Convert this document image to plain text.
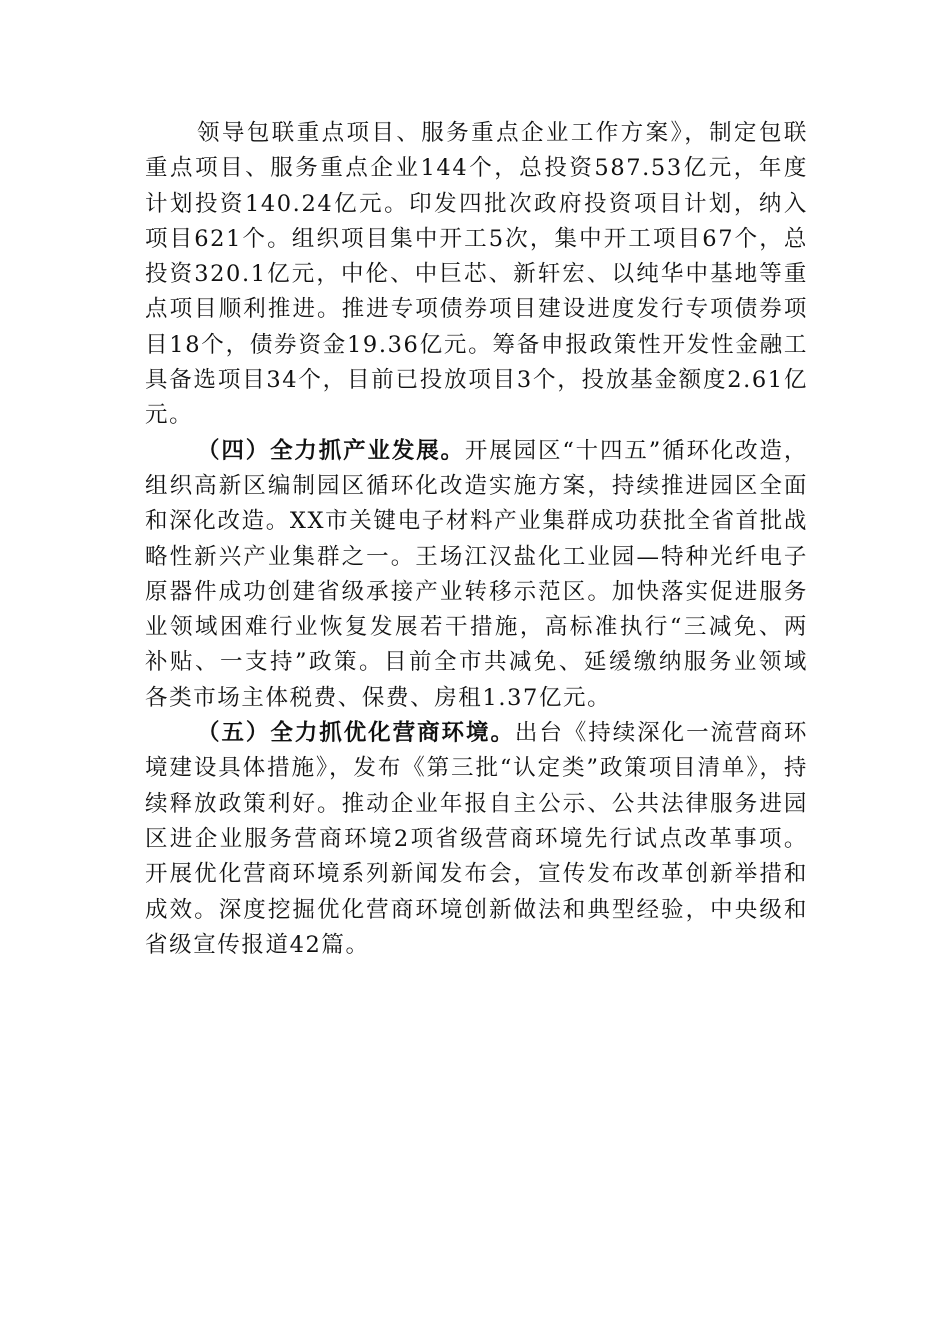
领导包联重点项目、服务重点企业工作方案》，制定包联重点项目、服务重点企业144个，总投资587.53亿元，年度计划投资140.24亿元。印发四批次政府投资项目计划，纳入项目621个。组织项目集中开工5次，集中开工项目67个，总投资320.1亿元，中伦、中巨芯、新轩宏、以纯华中基地等重点项目顺利推进。推进专项债券项目建设进度发行专项债券项目18个，债券资金19.36亿元。筹备申报政策性开发性金融工具备选项目34个，目前已投放项目3个，投放基金额度2.61亿元。

（四）全力抓产业发展。开展园区“十四五”循环化改造，组织高新区编制园区循环化改造实施方案，持续推进园区全面和深化改造。XX市关键电子材料产业集群成功获批全省首批战略性新兴产业集群之一。王场江汉盐化工业园—特种光纤电子原器件成功创建省级承接产业转移示范区。加快落实促进服务业领域困难行业恢复发展若干措施，高标准执行“三减免、两补贴、一支持”政策。目前全市共减免、延缓缴纳服务业领域各类市场主体税费、保费、房租1.37亿元。

（五）全力抓优化营商环境。出台《持续深化一流营商环境建设具体措施》，发布《第三批“认定类”政策项目清单》，持续释放政策利好。推动企业年报自主公示、公共法律服务进园区进企业服务营商环境2项省级营商环境先行试点改革事项。开展优化营商环境系列新闻发布会，宣传发布改革创新举措和成效。深度挖掘优化营商环境创新做法和典型经验，中央级和省级宣传报道42篇。
